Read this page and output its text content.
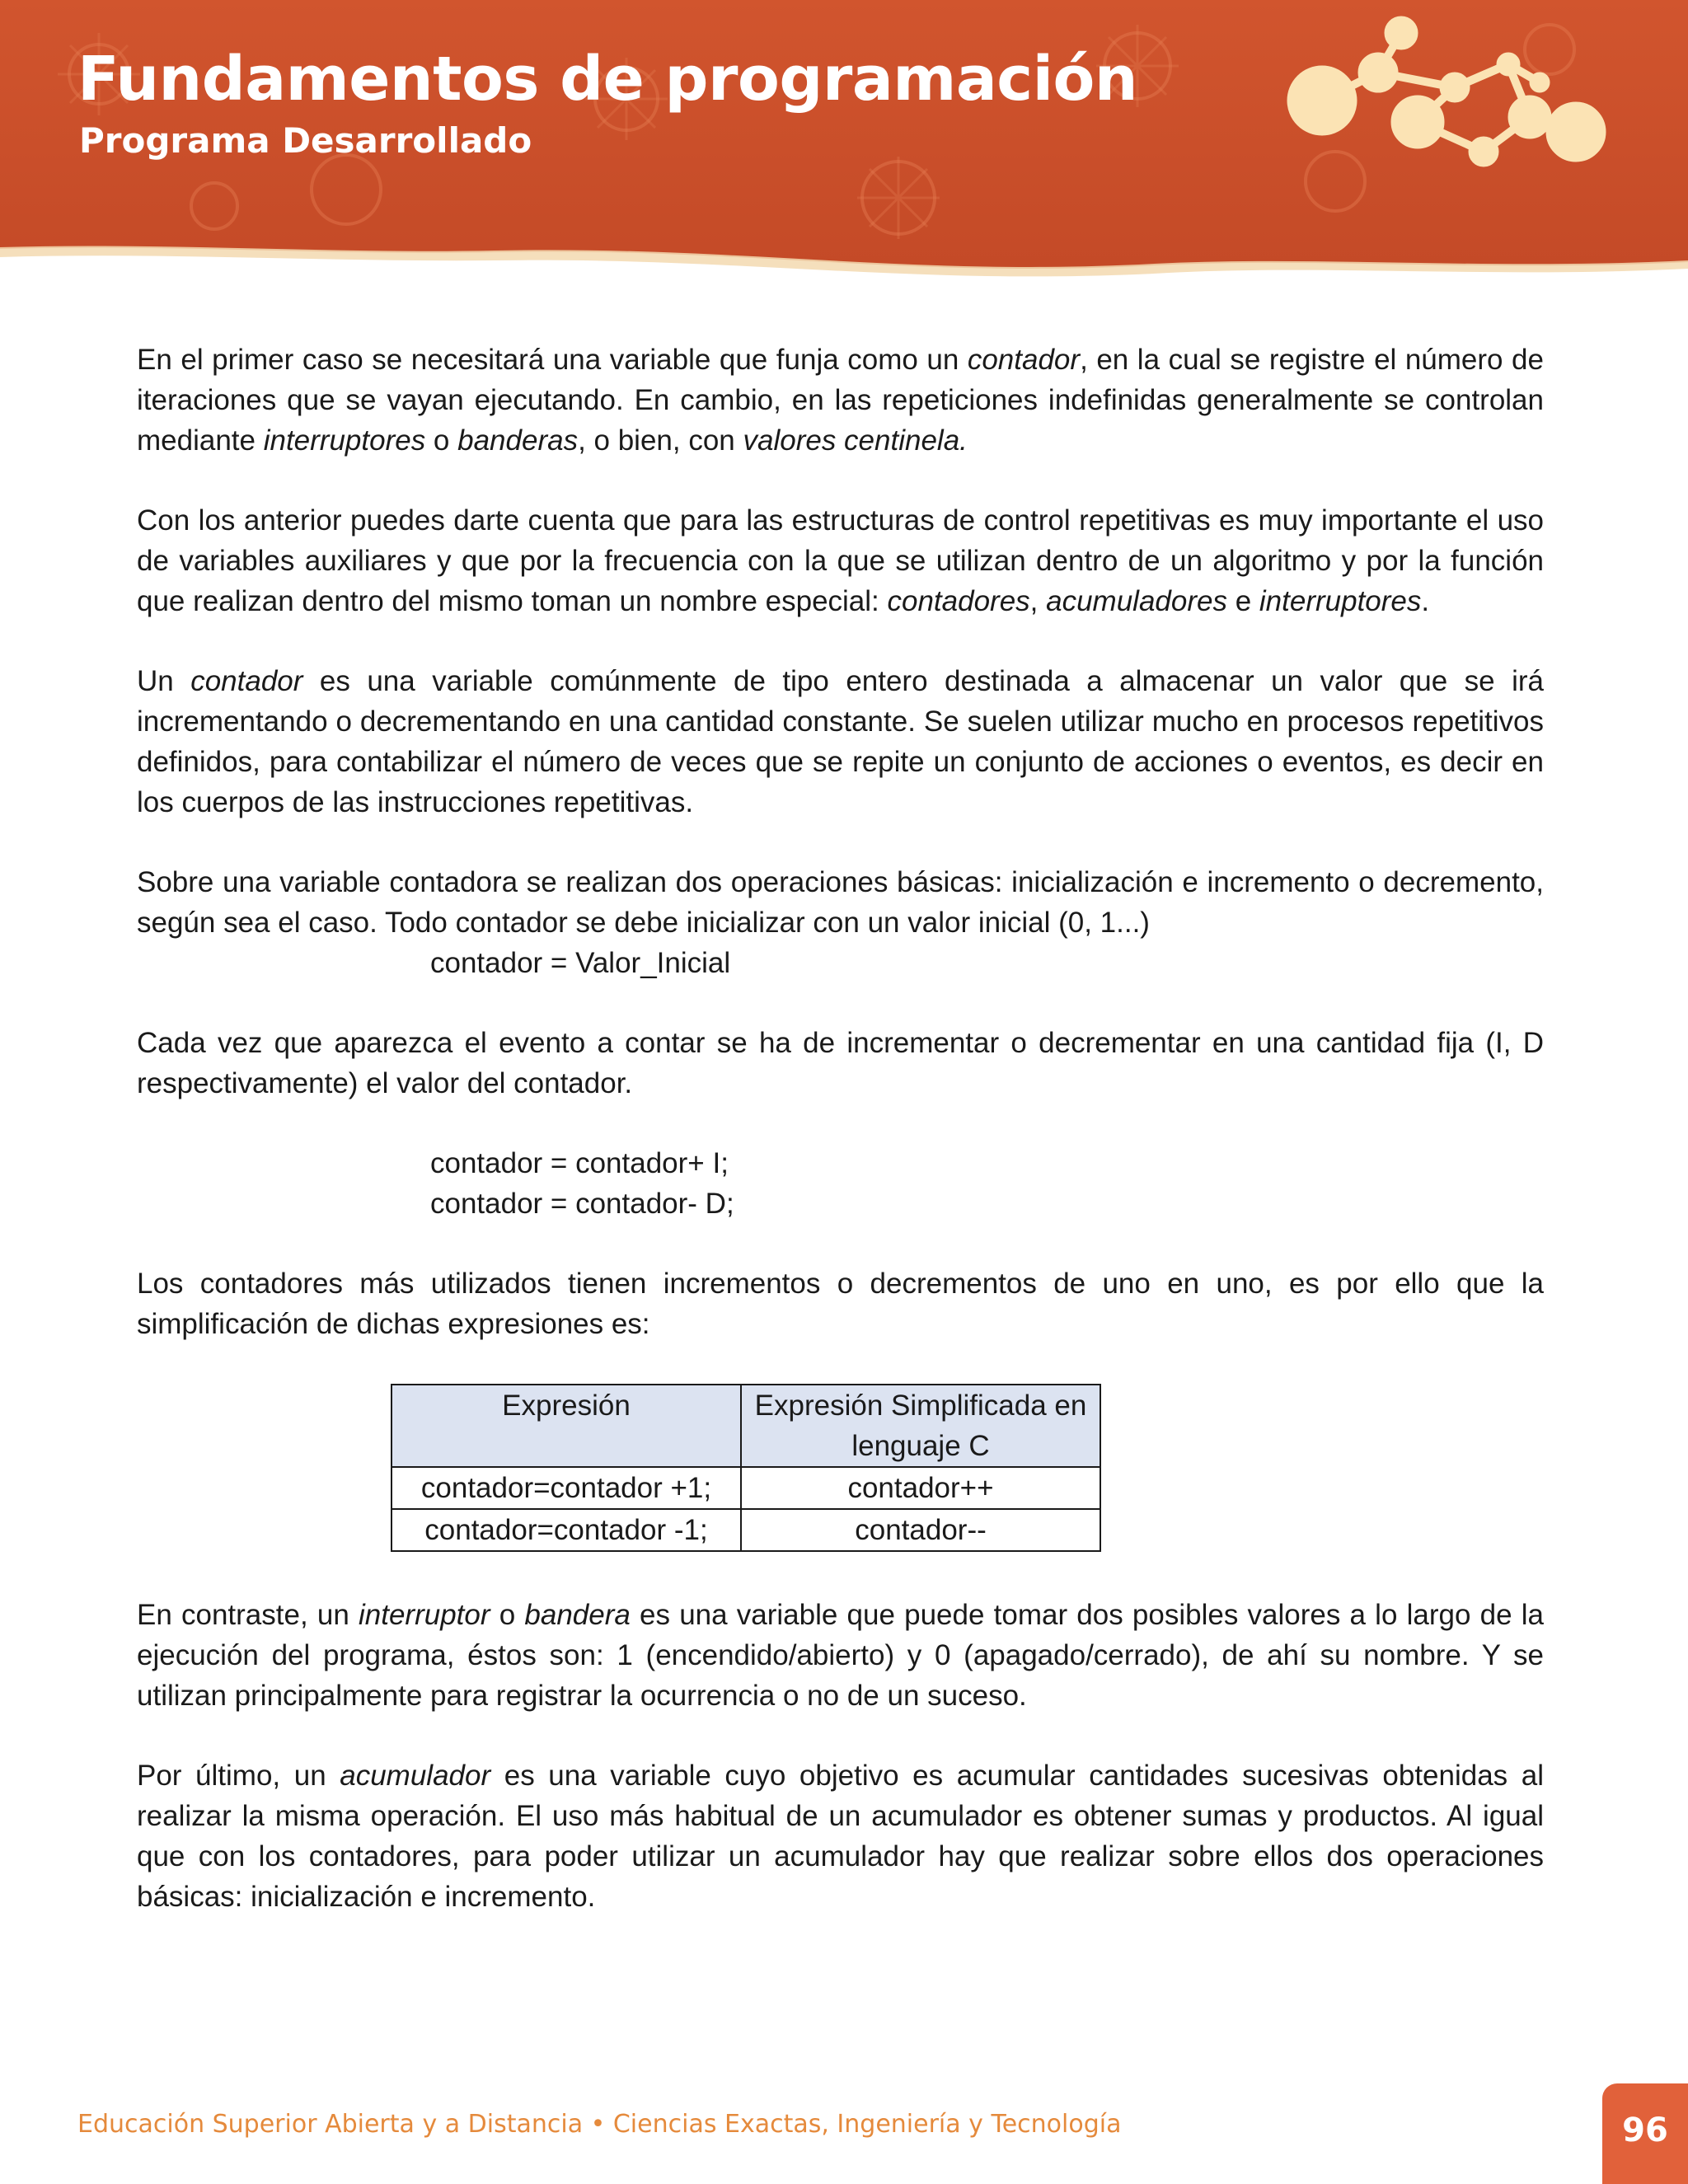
Fundamentos de programación
Programa Desarrollado

En el primer caso se necesitará una variable que funja como un contador, en la cual se registre el número de iteraciones que se vayan ejecutando. En cambio, en las repeticiones indefinidas generalmente se controlan mediante interruptores o banderas, o bien, con valores centinela.

Con los anterior puedes darte cuenta que para las estructuras de control repetitivas es muy importante el uso de variables auxiliares y que por la frecuencia con la que se utilizan dentro de un algoritmo y por la función que realizan dentro del mismo toman un nombre especial: contadores, acumuladores e interruptores.

Un contador es una variable comúnmente de tipo entero destinada a almacenar un valor que se irá incrementando o decrementando en una cantidad constante. Se suelen utilizar mucho en procesos repetitivos definidos, para contabilizar el número de veces que se repite un conjunto de acciones o eventos, es decir en los cuerpos de las instrucciones repetitivas.

Sobre una variable contadora se realizan dos operaciones básicas: inicialización e incremento o decremento, según sea el caso. Todo contador se debe inicializar con un valor inicial (0, 1...)

contador = Valor_Inicial

Cada vez que aparezca el evento a contar se ha de incrementar o decrementar en una cantidad fija (I, D respectivamente) el valor del contador.

contador = contador+ I;

contador = contador- D;

Los contadores más utilizados tienen incrementos o decrementos de uno en uno, es por ello que la simplificación de dichas expresiones es:

Expresión	Expresión Simplificada en lenguaje C
contador=contador +1;	contador++
contador=contador -1;	contador--

En contraste, un interruptor o bandera es una variable que puede tomar dos posibles valores a lo largo de la ejecución del programa, éstos son: 1 (encendido/abierto) y 0 (apagado/cerrado), de ahí su nombre. Y se utilizan principalmente para registrar la ocurrencia o no de un suceso.

Por último, un acumulador es una variable cuyo objetivo es acumular cantidades sucesivas obtenidas al realizar la misma operación. El uso más habitual de un acumulador es obtener sumas y productos. Al igual que con los contadores, para poder utilizar un acumulador hay que realizar sobre ellos dos operaciones básicas: inicialización e incremento.

Educación Superior Abierta y a Distancia • Ciencias Exactas, Ingeniería y Tecnología	96
